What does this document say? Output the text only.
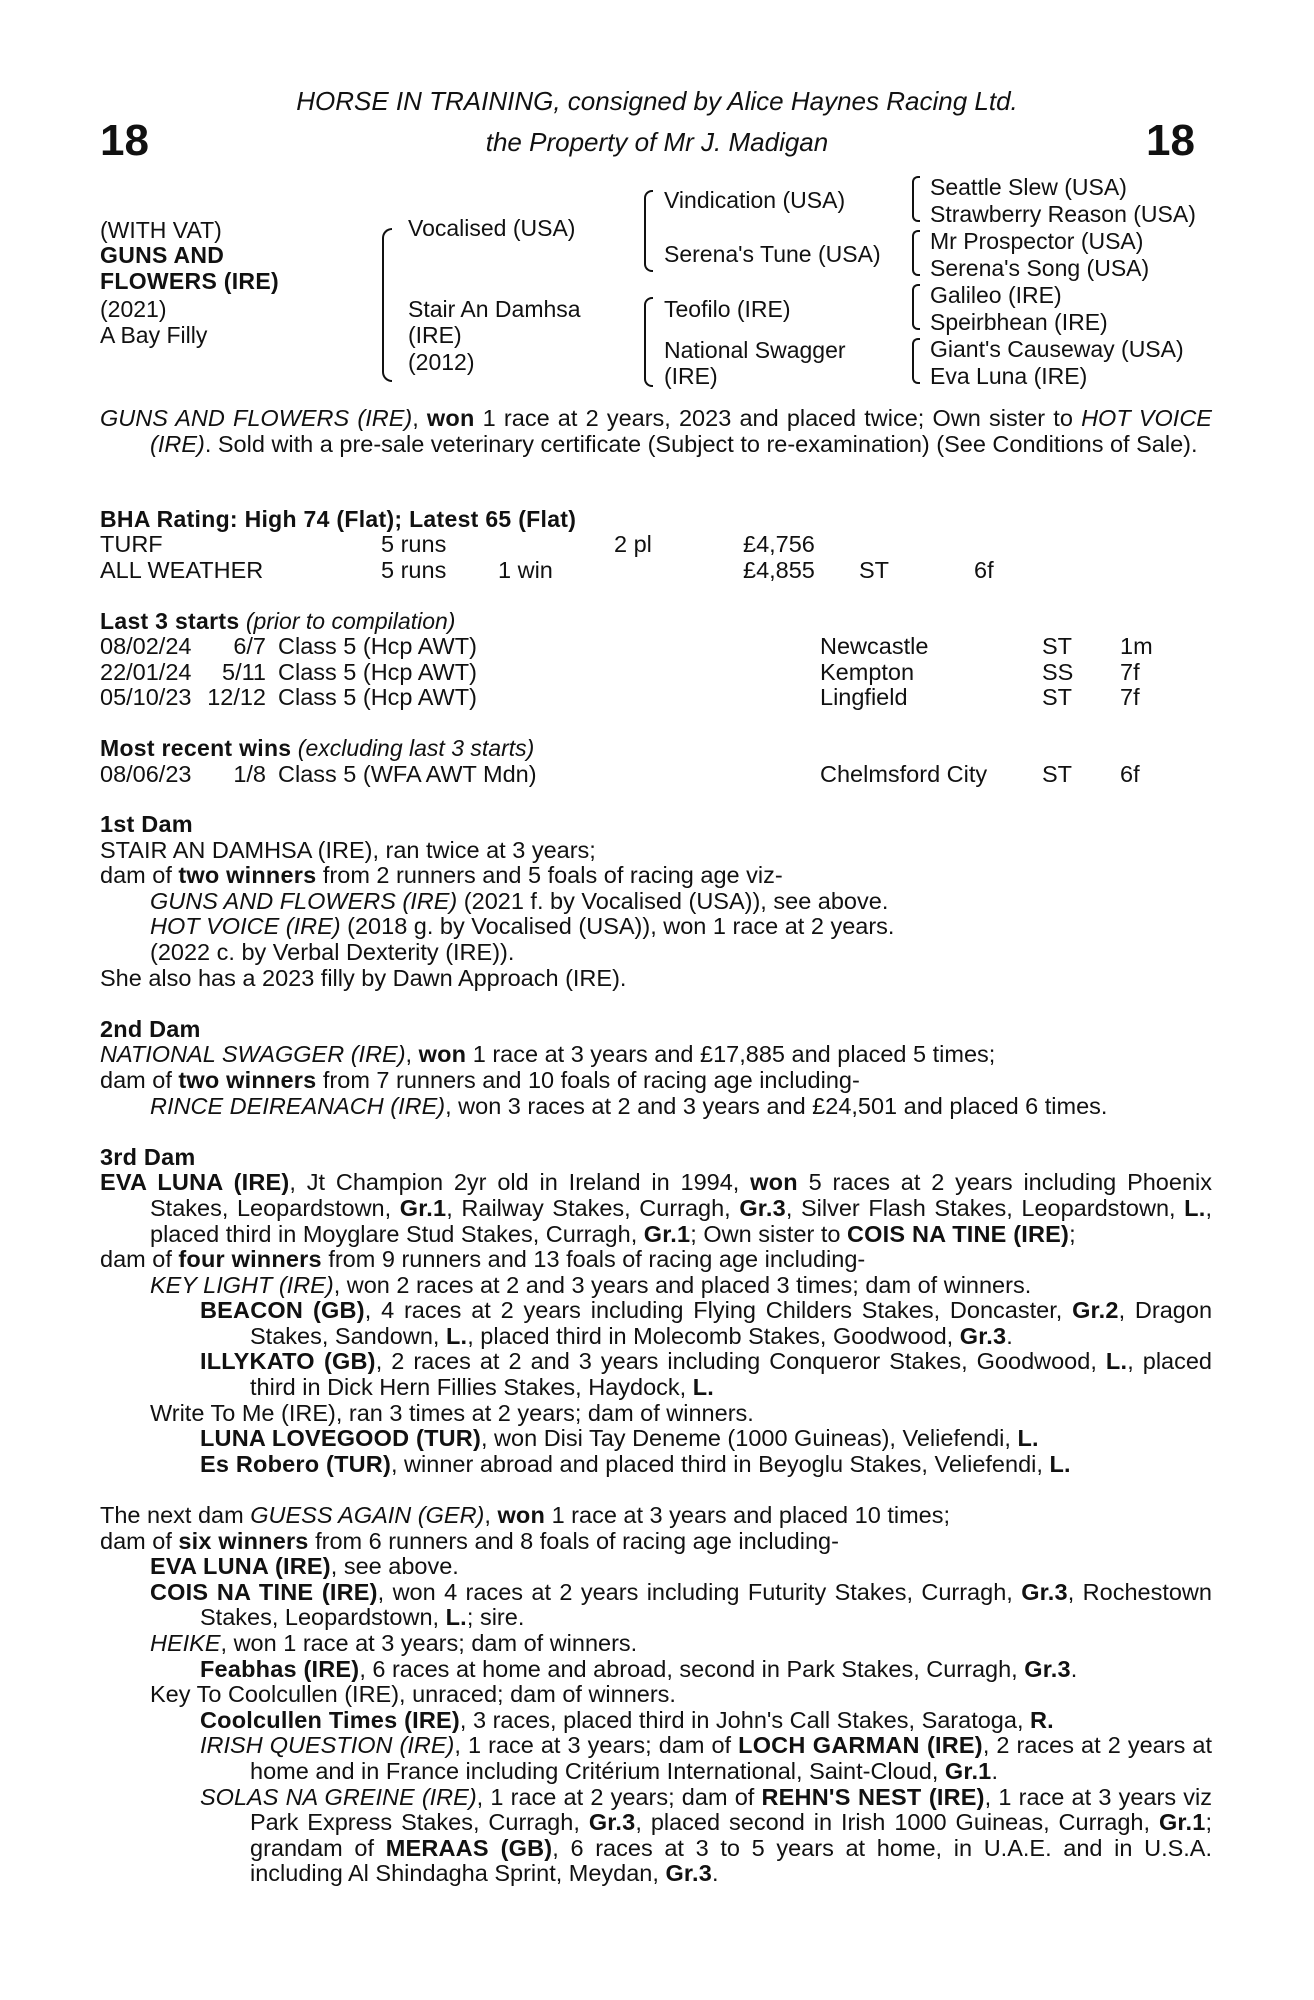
18	18
HORSE IN TRAINING, consigned by Alice Haynes Racing Ltd.
the Property of Mr J. Madigan
(WITH VAT)
GUNS AND
FLOWERS (IRE)
(2021)
A Bay Filly
Vocalised (USA)
Stair An Damhsa
(IRE)
(2012)
Vindication (USA)
Serena's Tune (USA)
Teofilo (IRE)
National Swagger
(IRE)
Seattle Slew (USA)
Strawberry Reason (USA)
Mr Prospector (USA)
Serena's Song (USA)
Galileo (IRE)
Speirbhean (IRE)
Giant's Causeway (USA)
Eva Luna (IRE)

GUNS AND FLOWERS (IRE), won 1 race at 2 years, 2023 and placed twice; Own sister to HOT VOICE (IRE). Sold with a pre-sale veterinary certificate (Subject to re-examination) (See Conditions of Sale).

BHA Rating: High 74 (Flat); Latest 65 (Flat)
TURF	5 runs		2 pl	£4,756		
ALL WEATHER	5 runs	1 win		£4,855	ST	6f
Last 3 starts (prior to compilation)
08/02/24	6/7	Class 5 (Hcp AWT)	Newcastle	ST	1m
22/01/24	5/11	Class 5 (Hcp AWT)	Kempton	SS	7f
05/10/23	12/12	Class 5 (Hcp AWT)	Lingfield	ST	7f
Most recent wins (excluding last 3 starts)
08/06/23	1/8	Class 5 (WFA AWT Mdn)	Chelmsford City	ST	6f

1st Dam

STAIR AN DAMHSA (IRE), ran twice at 3 years;

dam of two winners from 2 runners and 5 foals of racing age viz-

GUNS AND FLOWERS (IRE) (2021 f. by Vocalised (USA)), see above.

HOT VOICE (IRE) (2018 g. by Vocalised (USA)), won 1 race at 2 years.

(2022 c. by Verbal Dexterity (IRE)).

She also has a 2023 filly by Dawn Approach (IRE).

2nd Dam

NATIONAL SWAGGER (IRE), won 1 race at 3 years and £17,885 and placed 5 times;

dam of two winners from 7 runners and 10 foals of racing age including-

RINCE DEIREANACH (IRE), won 3 races at 2 and 3 years and £24,501 and placed 6 times.

3rd Dam

EVA LUNA (IRE), Jt Champion 2yr old in Ireland in 1994, won 5 races at 2 years including Phoenix Stakes, Leopardstown, Gr.1, Railway Stakes, Curragh, Gr.3, Silver Flash Stakes, Leopardstown, L., placed third in Moyglare Stud Stakes, Curragh, Gr.1; Own sister to COIS NA TINE (IRE);

dam of four winners from 9 runners and 13 foals of racing age including-

KEY LIGHT (IRE), won 2 races at 2 and 3 years and placed 3 times; dam of winners.

BEACON (GB), 4 races at 2 years including Flying Childers Stakes, Doncaster, Gr.2, Dragon Stakes, Sandown, L., placed third in Molecomb Stakes, Goodwood, Gr.3.

ILLYKATO (GB), 2 races at 2 and 3 years including Conqueror Stakes, Goodwood, L., placed third in Dick Hern Fillies Stakes, Haydock, L.

Write To Me (IRE), ran 3 times at 2 years; dam of winners.

LUNA LOVEGOOD (TUR), won Disi Tay Deneme (1000 Guineas), Veliefendi, L.

Es Robero (TUR), winner abroad and placed third in Beyoglu Stakes, Veliefendi, L.

The next dam GUESS AGAIN (GER), won 1 race at 3 years and placed 10 times;

dam of six winners from 6 runners and 8 foals of racing age including-

EVA LUNA (IRE), see above.

COIS NA TINE (IRE), won 4 races at 2 years including Futurity Stakes, Curragh, Gr.3, Rochestown Stakes, Leopardstown, L.; sire.

HEIKE, won 1 race at 3 years; dam of winners.

Feabhas (IRE), 6 races at home and abroad, second in Park Stakes, Curragh, Gr.3.

Key To Coolcullen (IRE), unraced; dam of winners.

Coolcullen Times (IRE), 3 races, placed third in John's Call Stakes, Saratoga, R.

IRISH QUESTION (IRE), 1 race at 3 years; dam of LOCH GARMAN (IRE), 2 races at 2 years at home and in France including Critérium International, Saint-Cloud, Gr.1.

SOLAS NA GREINE (IRE), 1 race at 2 years; dam of REHN'S NEST (IRE), 1 race at 3 years viz Park Express Stakes, Curragh, Gr.3, placed second in Irish 1000 Guineas, Curragh, Gr.1; grandam of MERAAS (GB), 6 races at 3 to 5 years at home, in U.A.E. and in U.S.A. including Al Shindagha Sprint, Meydan, Gr.3.
